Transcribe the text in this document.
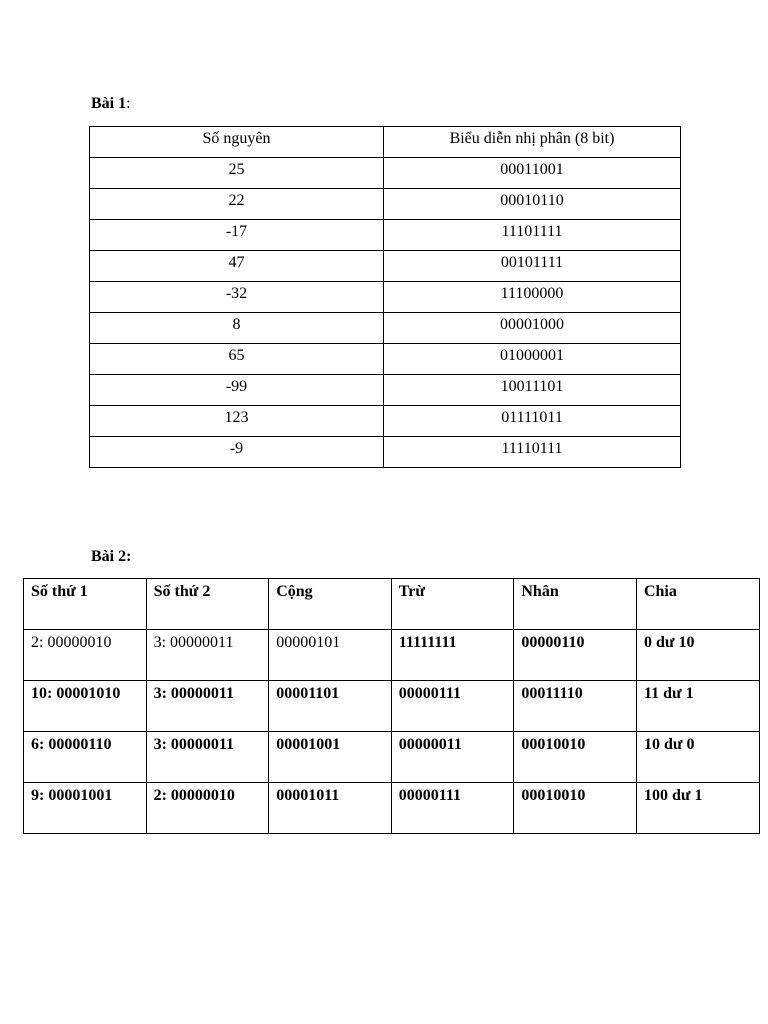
Bài 1:
Số nguyên	Biểu diễn nhị phân (8 bit)
25	00011001
22	00010110
-17	11101111
47	00101111
-32	11100000
8	00001000
65	01000001
-99	10011101
123	01111011
-9	11110111
Bài 2:
Số thứ 1	Số thứ 2	Cộng	Trừ	Nhân	Chia
2: 00000010	3: 00000011	00000101	11111111	00000110	0 dư 10
10: 00001010	3: 00000011	00001101	00000111	00011110	11 dư 1
6: 00000110	3: 00000011	00001001	00000011	00010010	10 dư 0
9: 00001001	2: 00000010	00001011	00000111	00010010	100 dư 1
